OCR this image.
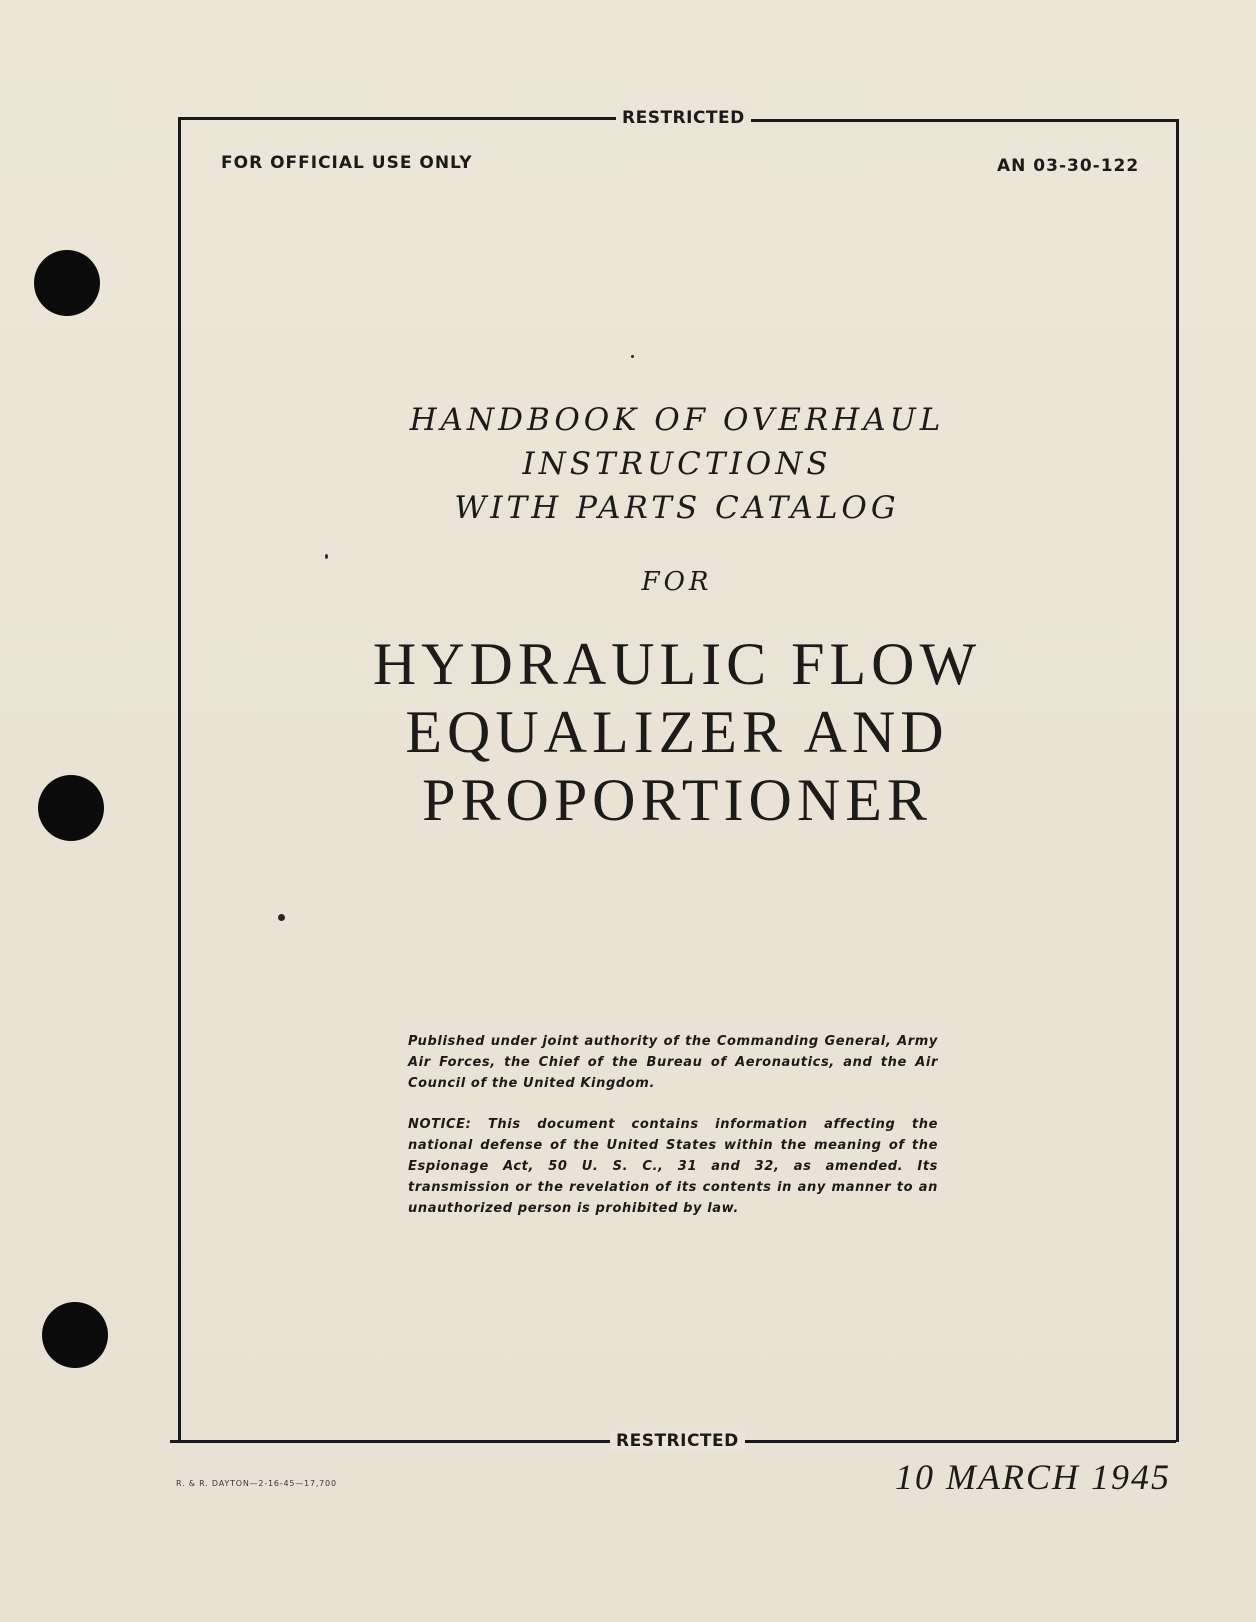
RESTRICTED
RESTRICTED
FOR OFFICIAL USE ONLY	AN 03-30-122
HANDBOOK OF OVERHAUL
INSTRUCTIONS
WITH PARTS CATALOG
FOR
HYDRAULIC FLOW
EQUALIZER AND
PROPORTIONER
Published under joint authority of the Commanding General, Army Air Forces, the Chief of the Bureau of Aeronautics, and the Air Council of the United Kingdom.
NOTICE: This document contains information affecting the national defense of the United States within the meaning of the Espionage Act, 50 U. S. C., 31 and 32, as amended. Its transmission or the revelation of its contents in any manner to an unauthorized person is prohibited by law.
R. & R. DAYTON—2-16-45—17,700	10 MARCH 1945
